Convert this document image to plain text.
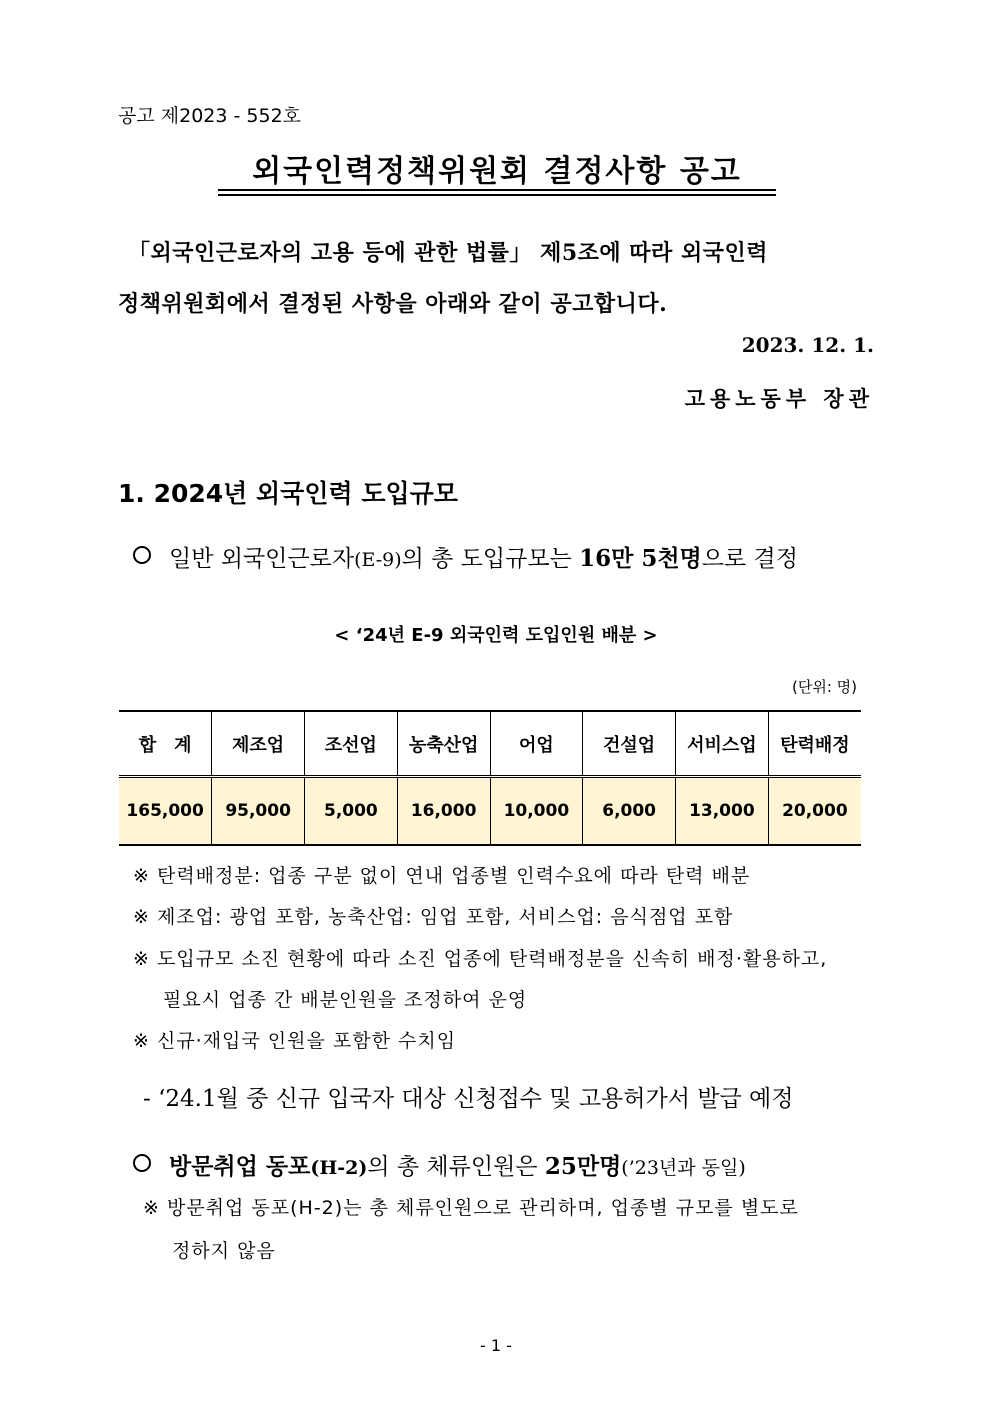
공고 제2023 - 552호
외국인력정책위원회 결정사항 공고
「외국인근로자의 고용 등에 관한 법률」 제5조에 따라 외국인력
정책위원회에서 결정된 사항을 아래와 같이 공고합니다.
2023. 12. 1.
고용노동부 장관
1. 2024년 외국인력 도입규모
일반 외국인근로자(E-9)의 총 도입규모는 16만 5천명으로 결정
< ‘24년 E-9 외국인력 도입인원 배분 >
(단위: 명)
합　계	제조업	조선업	농축산업	어업	건설업	서비스업	탄력배정
165,000	95,000	5,000	16,000	10,000	6,000	13,000	20,000
※ 탄력배정분: 업종 구분 없이 연내 업종별 인력수요에 따라 탄력 배분
※ 제조업: 광업 포함, 농축산업: 임업 포함, 서비스업: 음식점업 포함
※ 도입규모 소진 현황에 따라 소진 업종에 탄력배정분을 신속히 배정·활용하고,
필요시 업종 간 배분인원을 조정하여 운영
※ 신규·재입국 인원을 포함한 수치임
- ‘24.1월 중 신규 입국자 대상 신청접수 및 고용허가서 발급 예정
방문취업 동포(H-2)의 총 체류인원은 25만명(’23년과 동일)
※ 방문취업 동포(H-2)는 총 체류인원으로 관리하며, 업종별 규모를 별도로
정하지 않음
- 1 -
